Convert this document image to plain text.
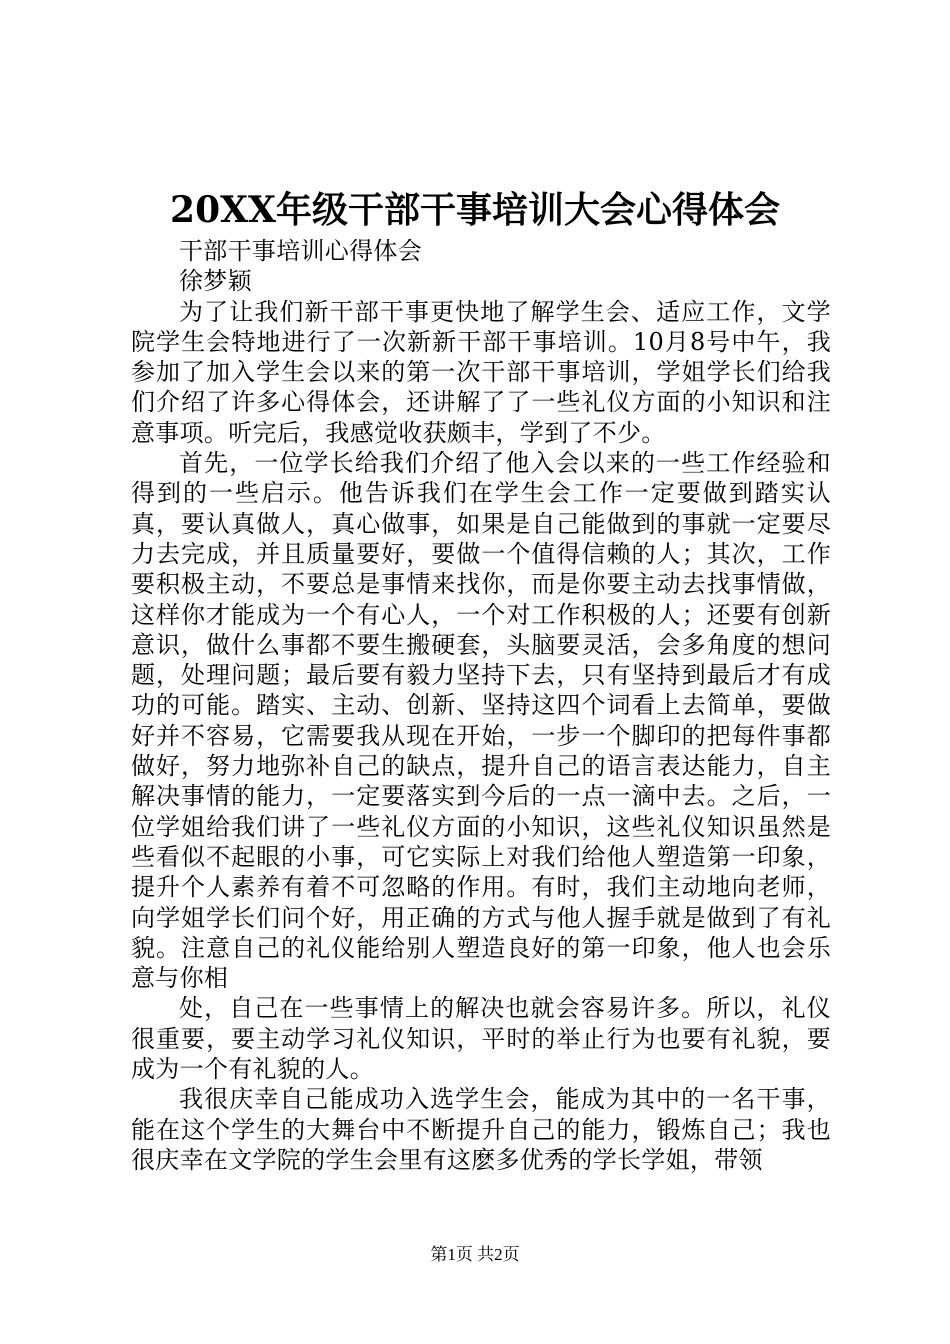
20XX年级干部干事培训大会心得体会

干部干事培训心得体会

徐梦颖

为了让我们新干部干事更快地了解学生会、适应工作，文学院学生会特地进行了一次新新干部干事培训。10月8号中午，我参加了加入学生会以来的第一次干部干事培训，学姐学长们给我们介绍了许多心得体会，还讲解了了一些礼仪方面的小知识和注意事项。听完后，我感觉收获颇丰，学到了不少。

首先，一位学长给我们介绍了他入会以来的一些工作经验和得到的一些启示。他告诉我们在学生会工作一定要做到踏实认真，要认真做人，真心做事，如果是自己能做到的事就一定要尽力去完成，并且质量要好，要做一个值得信赖的人；其次，工作要积极主动，不要总是事情来找你，而是你要主动去找事情做，这样你才能成为一个有心人，一个对工作积极的人；还要有创新意识，做什么事都不要生搬硬套，头脑要灵活，会多角度的想问题，处理问题；最后要有毅力坚持下去，只有坚持到最后才有成功的可能。踏实、主动、创新、坚持这四个词看上去简单，要做好并不容易，它需要我从现在开始，一步一个脚印的把每件事都做好，努力地弥补自己的缺点，提升自己的语言表达能力，自主解决事情的能力，一定要落实到今后的一点一滴中去。之后，一位学姐给我们讲了一些礼仪方面的小知识，这些礼仪知识虽然是些看似不起眼的小事，可它实际上对我们给他人塑造第一印象，提升个人素养有着不可忽略的作用。有时，我们主动地向老师，向学姐学长们问个好，用正确的方式与他人握手就是做到了有礼貌。注意自己的礼仪能给别人塑造良好的第一印象，他人也会乐意与你相

处，自己在一些事情上的解决也就会容易许多。所以，礼仪很重要，要主动学习礼仪知识，平时的举止行为也要有礼貌，要成为一个有礼貌的人。

我很庆幸自己能成功入选学生会，能成为其中的一名干事，能在这个学生的大舞台中不断提升自己的能力，锻炼自己；我也很庆幸在文学院的学生会里有这麽多优秀的学长学姐，带领

第1页 共2页
